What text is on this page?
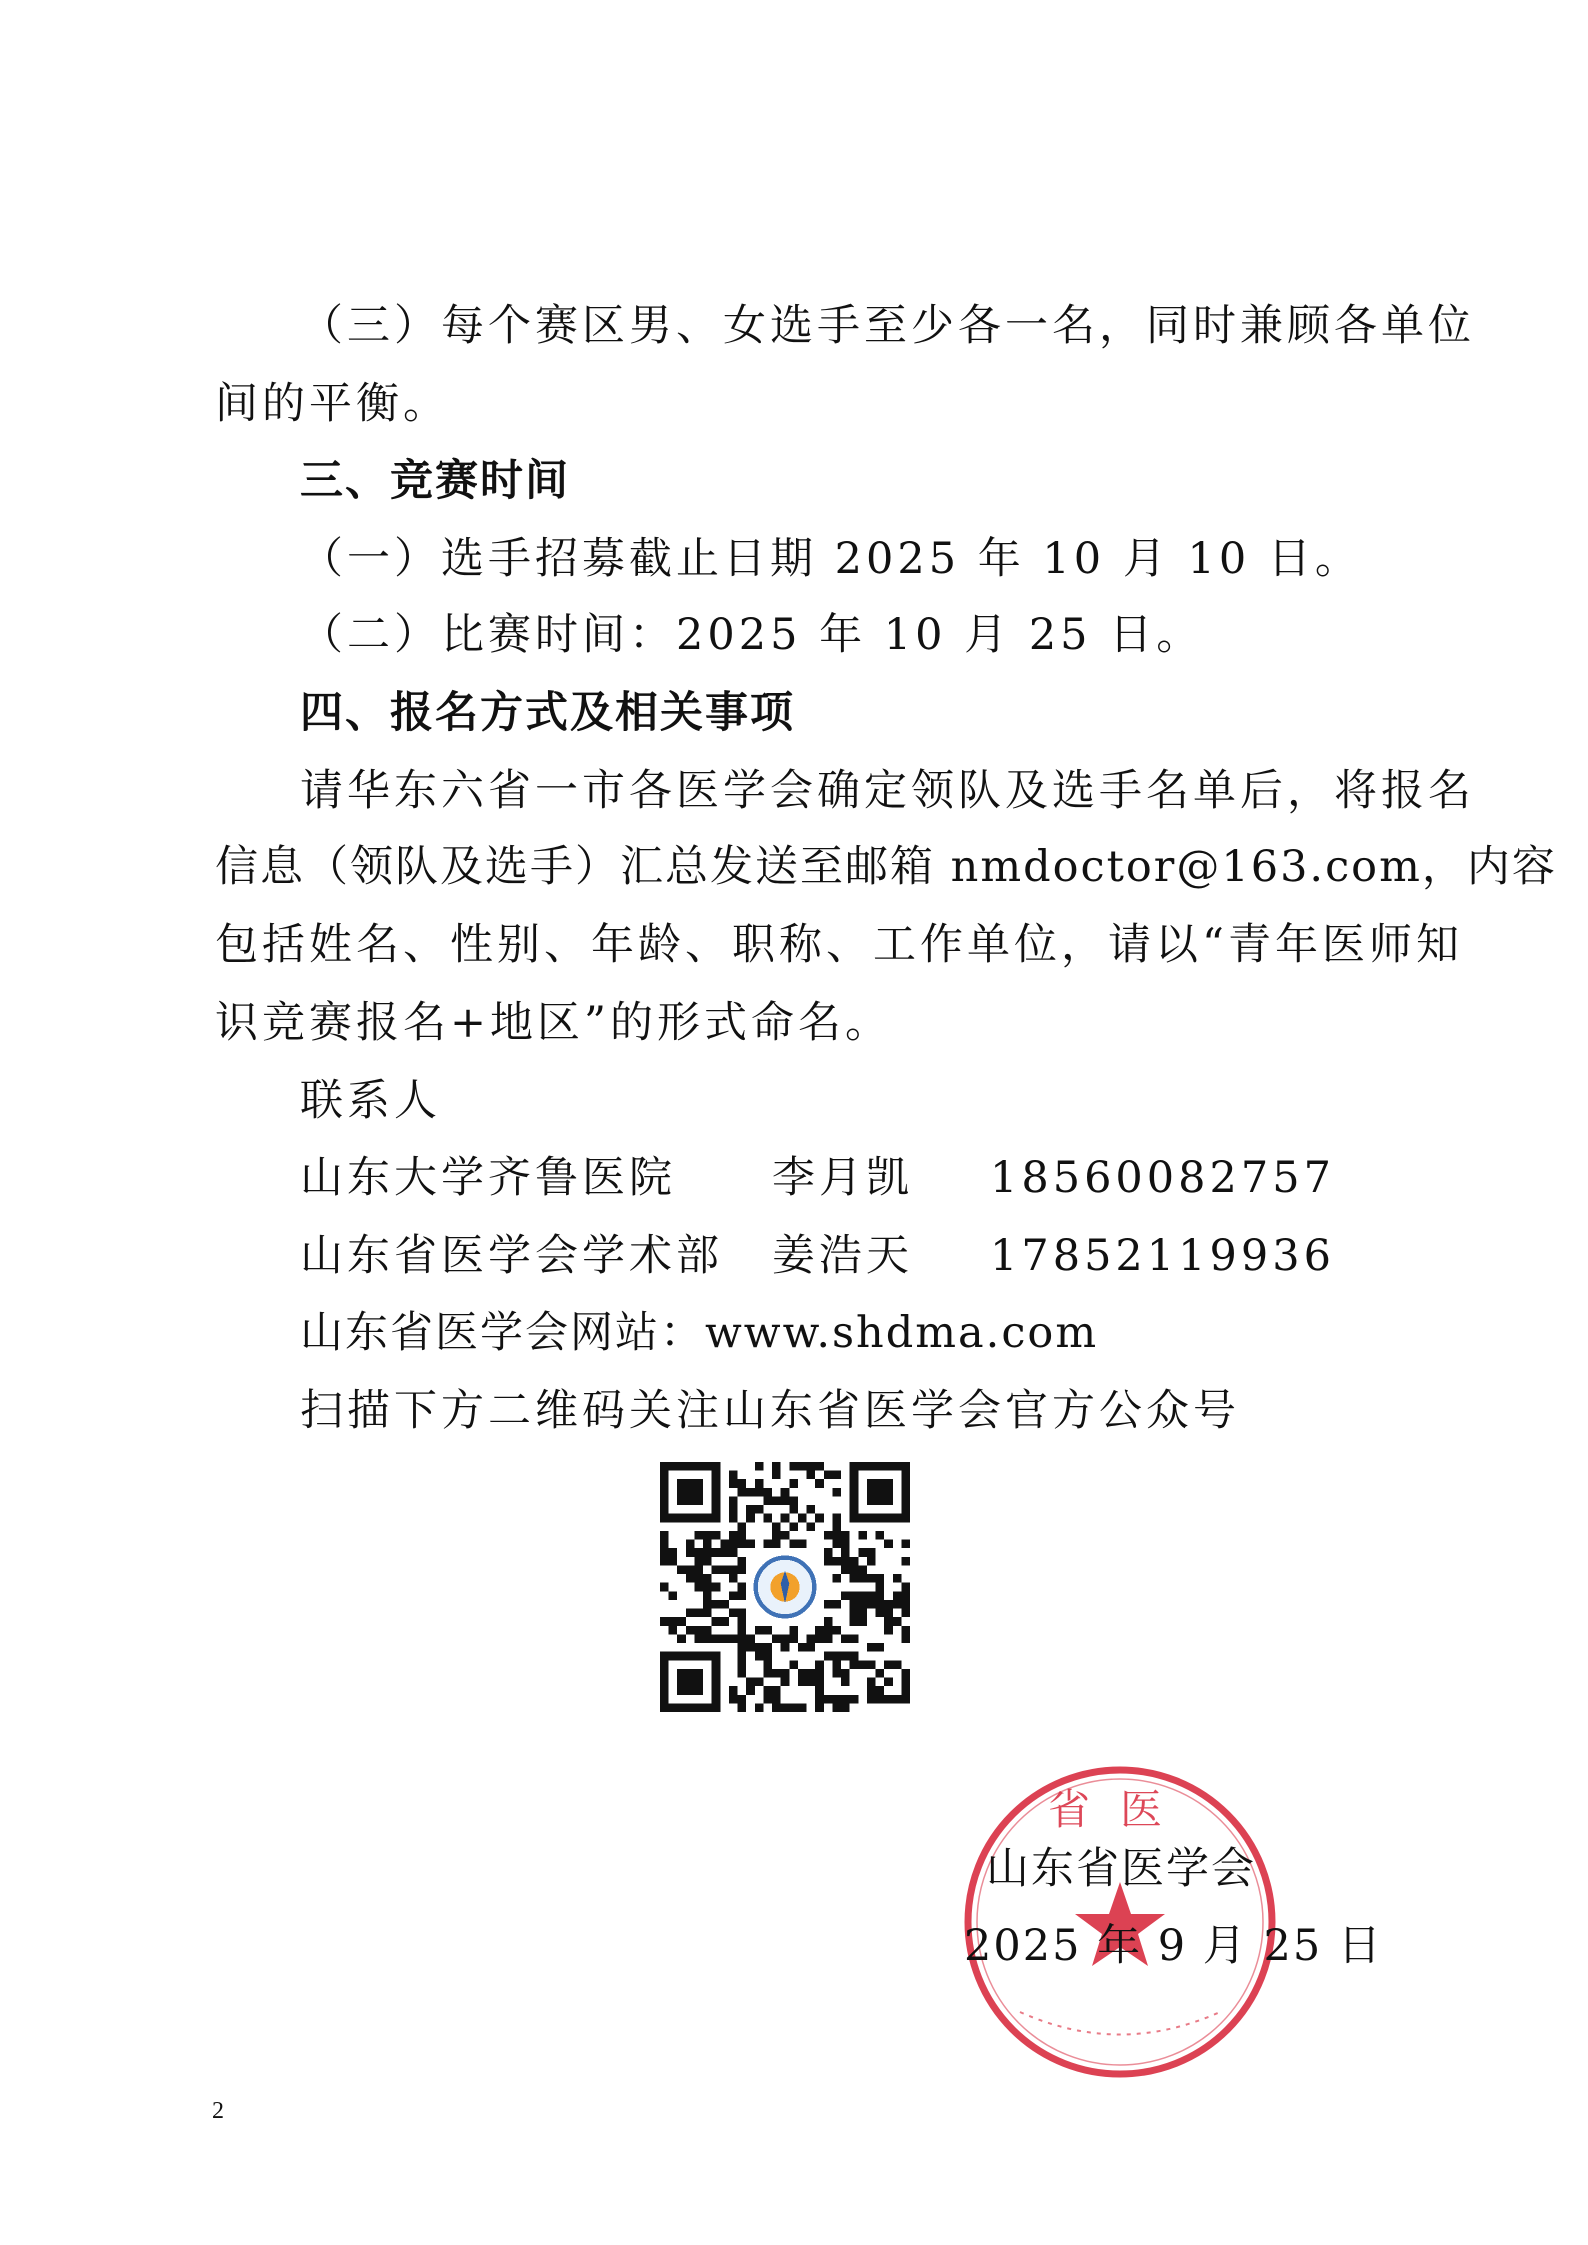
（三）每个赛区男、女选手至少各一名，同时兼顾各单位
间的平衡。
三、竞赛时间
（一）选手招募截止日期 2025 年 10 月 10 日。
（二）比赛时间：2025 年 10 月 25 日。
四、报名方式及相关事项
请华东六省一市各医学会确定领队及选手名单后，将报名
信息（领队及选手）汇总发送至邮箱 nmdoctor@163.com，内容
包括姓名、性别、年龄、职称、工作单位，请以“青年医师知
识竞赛报名+地区”的形式命名。
联系人
山东大学齐鲁医院 李月凯 18560082757
山东省医学会学术部 姜浩天 17852119936
山东省医学会网站：www.shdma.com
扫描下方二维码关注山东省医学会官方公众号
省医
山东省医学会
2025 年 9 月 25 日
2
